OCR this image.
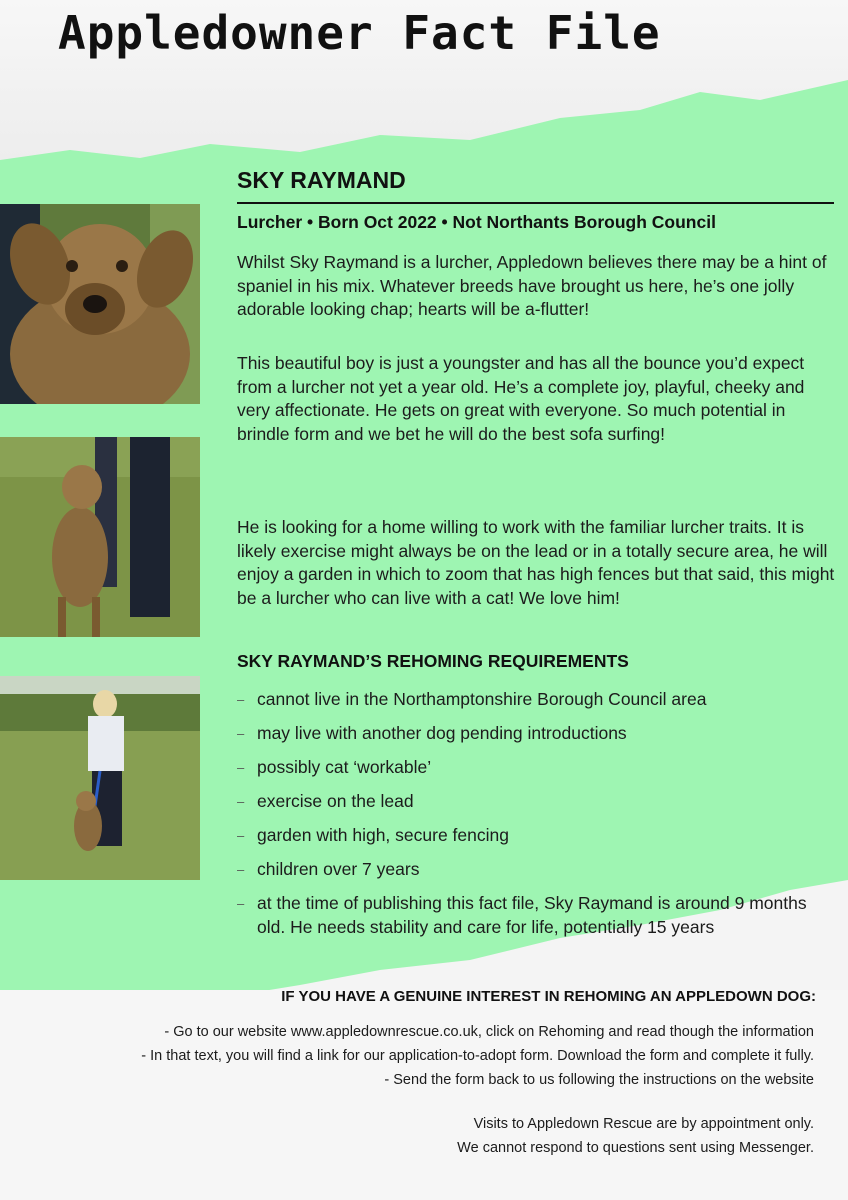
Appledowner Fact File
SKY RAYMAND
Lurcher • Born Oct 2022 • Not Northants Borough Council
Whilst Sky Raymand is a lurcher, Appledown believes there may be a hint of spaniel in his mix. Whatever breeds have brought us here, he’s one jolly adorable looking chap; hearts will be a-flutter!
This beautiful boy is just a youngster and has all the bounce you’d expect from a lurcher not yet a year old. He’s a complete joy, playful, cheeky and very affectionate. He gets on great with everyone. So much potential in brindle form and we bet he will do the best sofa surfing!
He is looking for a home willing to work with the familiar lurcher traits. It is likely exercise might always be on the lead or in a totally secure area, he will enjoy a garden in which to zoom that has high fences but that said, this might be a lurcher who can live with a cat! We love him!
SKY RAYMAND’S REHOMING REQUIREMENTS
– cannot live in the Northamptonshire Borough Council area
– may live with another dog pending introductions
– possibly cat ‘workable’
– exercise on the lead
– garden with high, secure fencing
– children over 7 years
– at the time of publishing this fact file, Sky Raymand is around 9 months old. He needs stability and care for life, potentially 15 years
IF YOU HAVE A GENUINE INTEREST IN REHOMING AN APPLEDOWN DOG:
- Go to our website www.appledownrescue.co.uk, click on Rehoming and read though the information
- In that text, you will find a link for our application-to-adopt form. Download the form and complete it fully.
- Send the form back to us following the instructions on the website
Visits to Appledown Rescue are by appointment only.
We cannot respond to questions sent using Messenger.
